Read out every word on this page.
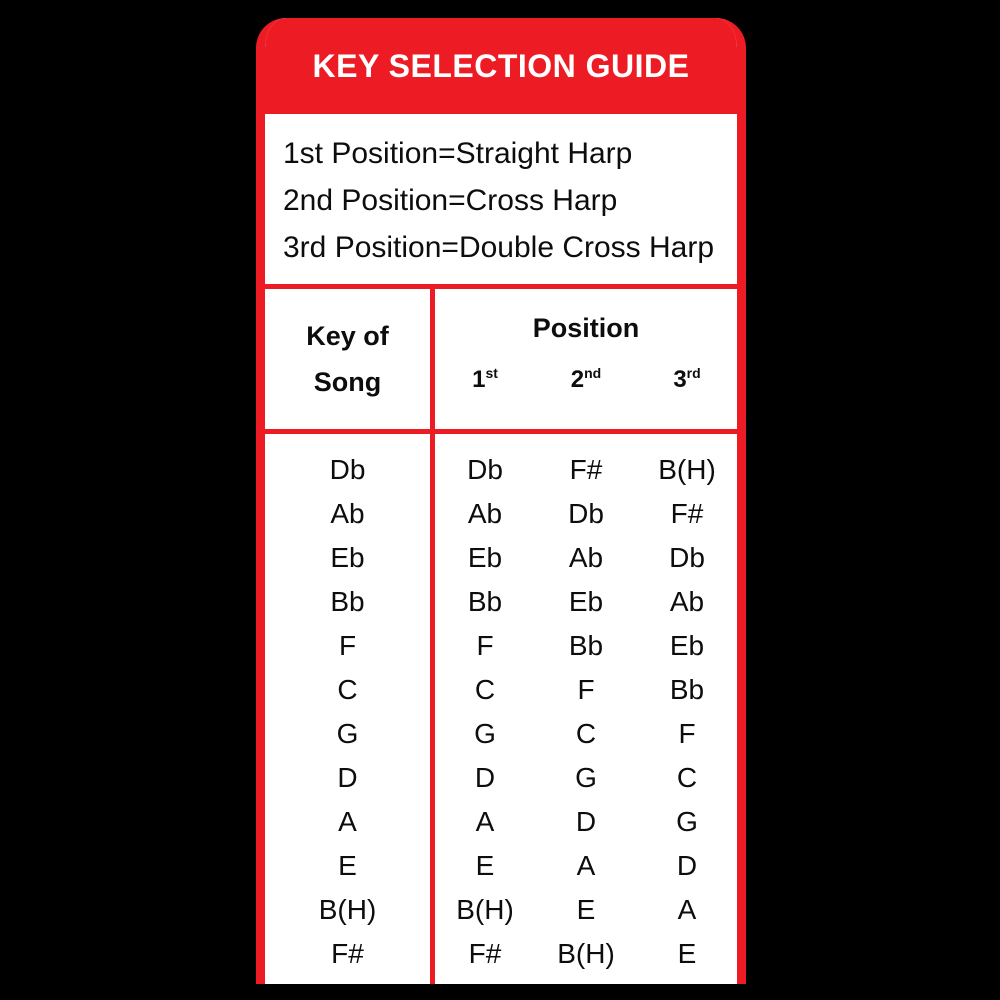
KEY SELECTION GUIDE
1st Position=Straight Harp
2nd Position=Cross Harp
3rd Position=Double Cross Harp
Key of
Song
Position
1st	2nd	3rd
Db
Ab
Eb
Bb
F
C
G
D
A
E
B(H)
F#
Db
Ab
Eb
Bb
F
C
G
D
A
E
B(H)
F#
F#
Db
Ab
Eb
Bb
F
C
G
D
A
E
B(H)
B(H)
F#
Db
Ab
Eb
Bb
F
C
G
D
A
E
